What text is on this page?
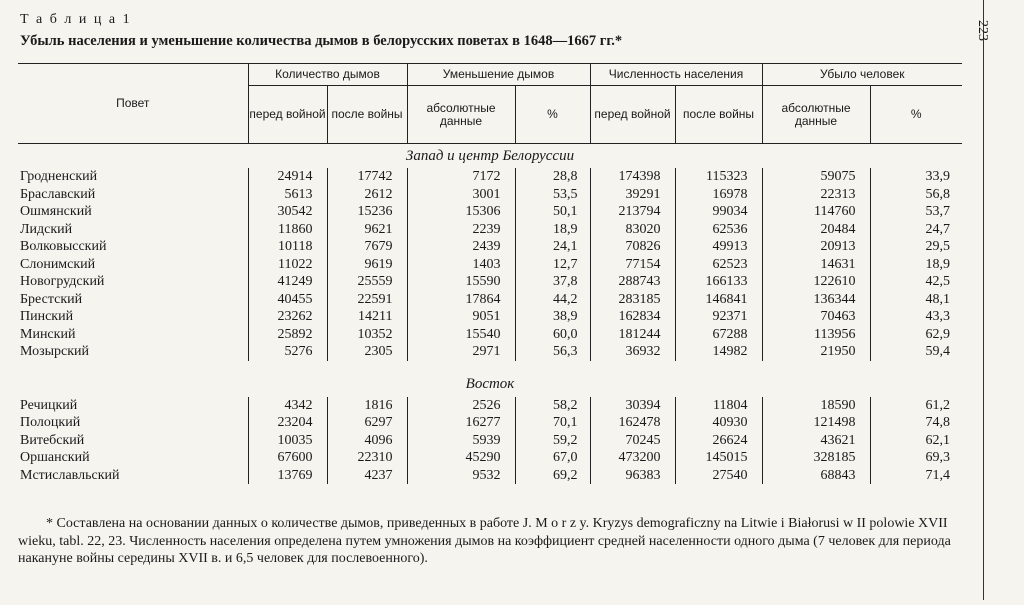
Т а б л и ц а 1
Убыль населения и уменьшение количества дымов в белорусских поветах в 1648—1667 гг.*	223

Повет	Количество дымов		Уменьшение дымов		Численность населения		Убыло человек	
	перед войной	после войны	абсолютные данные	%	перед войной	после войны	абсолютные данные	%

Запад и центр Белоруссии								
Гродненский	24914	17742	7172	28,8	174398	115323	59075	33,9
Браславский	5613	2612	3001	53,5	39291	16978	22313	56,8
Ошмянский	30542	15236	15306	50,1	213794	99034	114760	53,7
Лидский	11860	9621	2239	18,9	83020	62536	20484	24,7
Волковысский	10118	7679	2439	24,1	70826	49913	20913	29,5
Слонимский	11022	9619	1403	12,7	77154	62523	14631	18,9
Новогрудский	41249	25559	15590	37,8	288743	166133	122610	42,5
Брестский	40455	22591	17864	44,2	283185	146841	136344	48,1
Пинский	23262	14211	9051	38,9	162834	92371	70463	43,3
Минский	25892	10352	15540	60,0	181244	67288	113956	62,9
Мозырский	5276	2305	2971	56,3	36932	14982	21950	59,4

Восток								
Речицкий	4342	1816	2526	58,2	30394	11804	18590	61,2
Полоцкий	23204	6297	16277	70,1	162478	40930	121498	74,8
Витебский	10035	4096	5939	59,2	70245	26624	43621	62,1
Оршанский	67600	22310	45290	67,0	473200	145015	328185	69,3
Мстиславльский	13769	4237	9532	69,2	96383	27540	68843	71,4
* Составлена на основании данных о количестве дымов, приведенных в работе J. M o r z y. Kryzys demograficzny na Litwie i Białorusi w II polowie XVII wieku, tabl. 22, 23. Численность населения определена путем умножения дымов на коэффициент средней населенности одного дыма (7 человек для периода накануне войны середины XVII в. и 6,5 человек для послевоенного).
